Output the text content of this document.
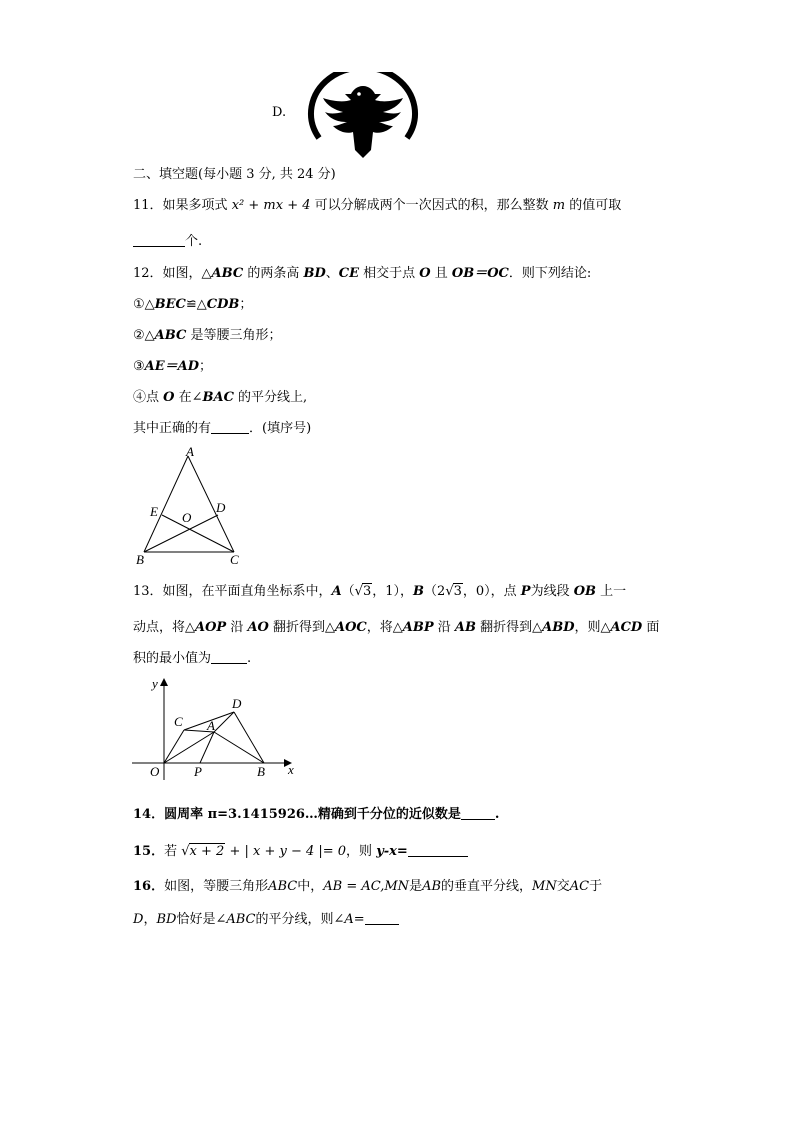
D.
二、填空题(每小题 3 分, 共 24 分)
11．如果多项式 x² + mx + 4 可以分解成两个一次因式的积，那么整数 m 的值可取
个.
12．如图，△ABC 的两条高 BD、CE 相交于点 O 且 OB＝OC．则下列结论:
①△BEC≌△CDB；
②△ABC 是等腰三角形；
③AE＝AD；
④点 O 在∠BAC 的平分线上,
其中正确的有	．(填序号)
A
E	D
O
B	C
13．如图，在平面直角坐标系中，A（√3，1），B（2√3，0），点 P为线段 OB 上一
动点，将△AOP 沿 AO 翻折得到△AOC，将△ABP 沿 AB 翻折得到△ABD，则△ACD 面
积的最小值为	.
y
x
O	P	B
C A
D
14．圆周率 π=3.1415926…精确到千分位的近似数是	.
15．若 √x + 2 + | x + y − 4 |= 0，则 y-x=
16．如图，等腰三角形ABC中，AB = AC,MN是AB的垂直平分线，MN交AC于
D，BD恰好是∠ABC的平分线，则∠A=
